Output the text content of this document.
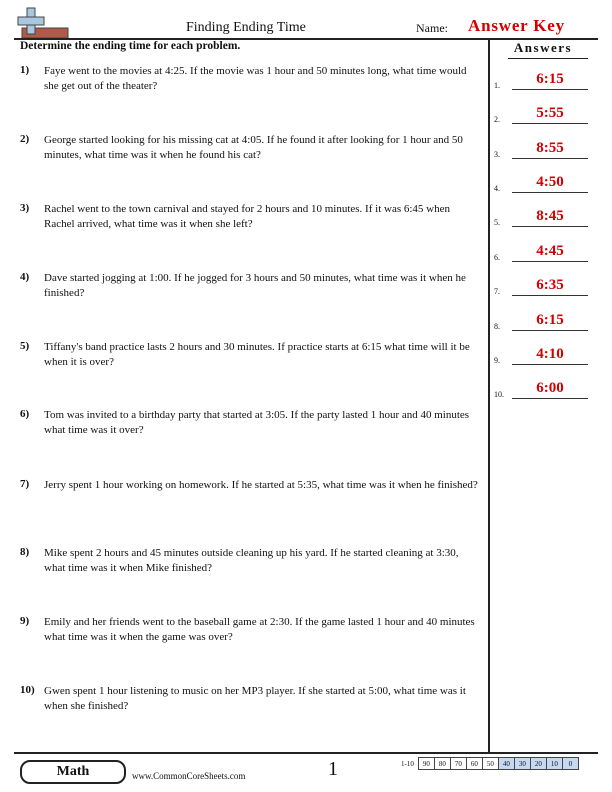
Finding Ending Time	Name: Answer Key
Determine the ending time for each problem.	Answers
1)	Faye went to the movies at 4:25. If the movie was 1 hour and 50 minutes long, what time would she get out of the theater?
2)	George started looking for his missing cat at 4:05. If he found it after looking for 1 hour and 50 minutes, what time was it when he found his cat?
3)	Rachel went to the town carnival and stayed for 2 hours and 10 minutes. If it was 6:45 when Rachel arrived, what time was it when she left?
4)	Dave started jogging at 1:00. If he jogged for 3 hours and 50 minutes, what time was it when he finished?
5)	Tiffany's band practice lasts 2 hours and 30 minutes. If practice starts at 6:15 what time will it be when it is over?
6)	Tom was invited to a birthday party that started at 3:05. If the party lasted 1 hour and 40 minutes what time was it over?
7)	Jerry spent 1 hour working on homework. If he started at 5:35, what time was it when he finished?
8)	Mike spent 2 hours and 45 minutes outside cleaning up his yard. If he started cleaning at 3:30, what time was it when Mike finished?
9)	Emily and her friends went to the baseball game at 2:30. If the game lasted 1 hour and 40 minutes what time was it when the game was over?
10) Gwen spent 1 hour listening to music on her MP3 player. If she started at 5:00, what time was it when she finished?
1.	6:15
2.	5:55
3.	8:55
4.	4:50
5.	8:45
6.	4:45
7.	6:35
8.	6:15
9.	4:10
10.	6:00
Math	www.CommonCoreSheets.com	1	1-10	90	80	70	60	50	40	30	20	10	0
